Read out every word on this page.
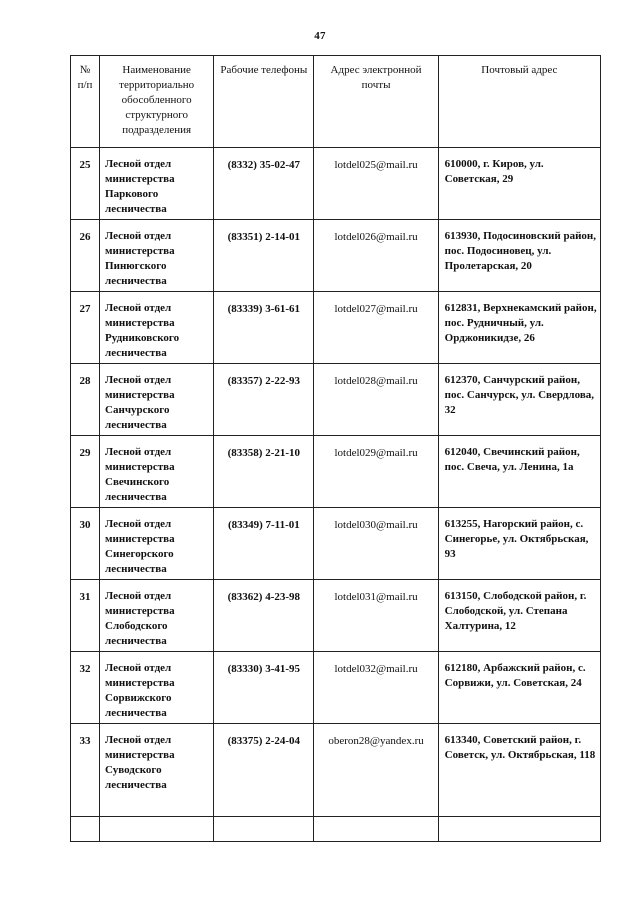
47
№ п/п	Наименование территориально обособленного структурного подразделения	Рабочие телефоны	Адрес электронной почты	Почтовый адрес
25	Лесной отдел министерства Паркового лесничества	(8332) 35-02-47	lotdel025@mail.ru	610000, г. Киров, ул. Советская, 29
26	Лесной отдел министерства Пинюгского лесничества	(83351) 2-14-01	lotdel026@mail.ru	613930, Подосиновский район, пос. Подосиновец, ул. Пролетарская, 20
27	Лесной отдел министерства Рудниковского лесничества	(83339) 3-61-61	lotdel027@mail.ru	612831, Верхнекамский район, пос. Рудничный, ул. Орджоникидзе, 26
28	Лесной отдел министерства Санчурского лесничества	(83357) 2-22-93	lotdel028@mail.ru	612370, Санчурский район, пос. Санчурск, ул. Свердлова, 32
29	Лесной отдел министерства Свечинского лесничества	(83358) 2-21-10	lotdel029@mail.ru	612040, Свечинский район, пос. Свеча, ул. Ленина, 1а
30	Лесной отдел министерства Синегорского лесничества	(83349) 7-11-01	lotdel030@mail.ru	613255, Нагорский район, с. Синегорье, ул. Октябрьская, 93
31	Лесной отдел министерства Слободского лесничества	(83362) 4-23-98	lotdel031@mail.ru	613150, Слободской район, г. Слободской, ул. Степана Халтурина, 12
32	Лесной отдел министерства Сорвижского лесничества	(83330) 3-41-95	lotdel032@mail.ru	612180, Арбажский район, с. Сорвижи, ул. Советская, 24
33	Лесной отдел министерства Суводского лесничества	(83375) 2-24-04	oberon28@yandex.ru	613340, Советский район, г. Советск, ул. Октябрьская, 118
